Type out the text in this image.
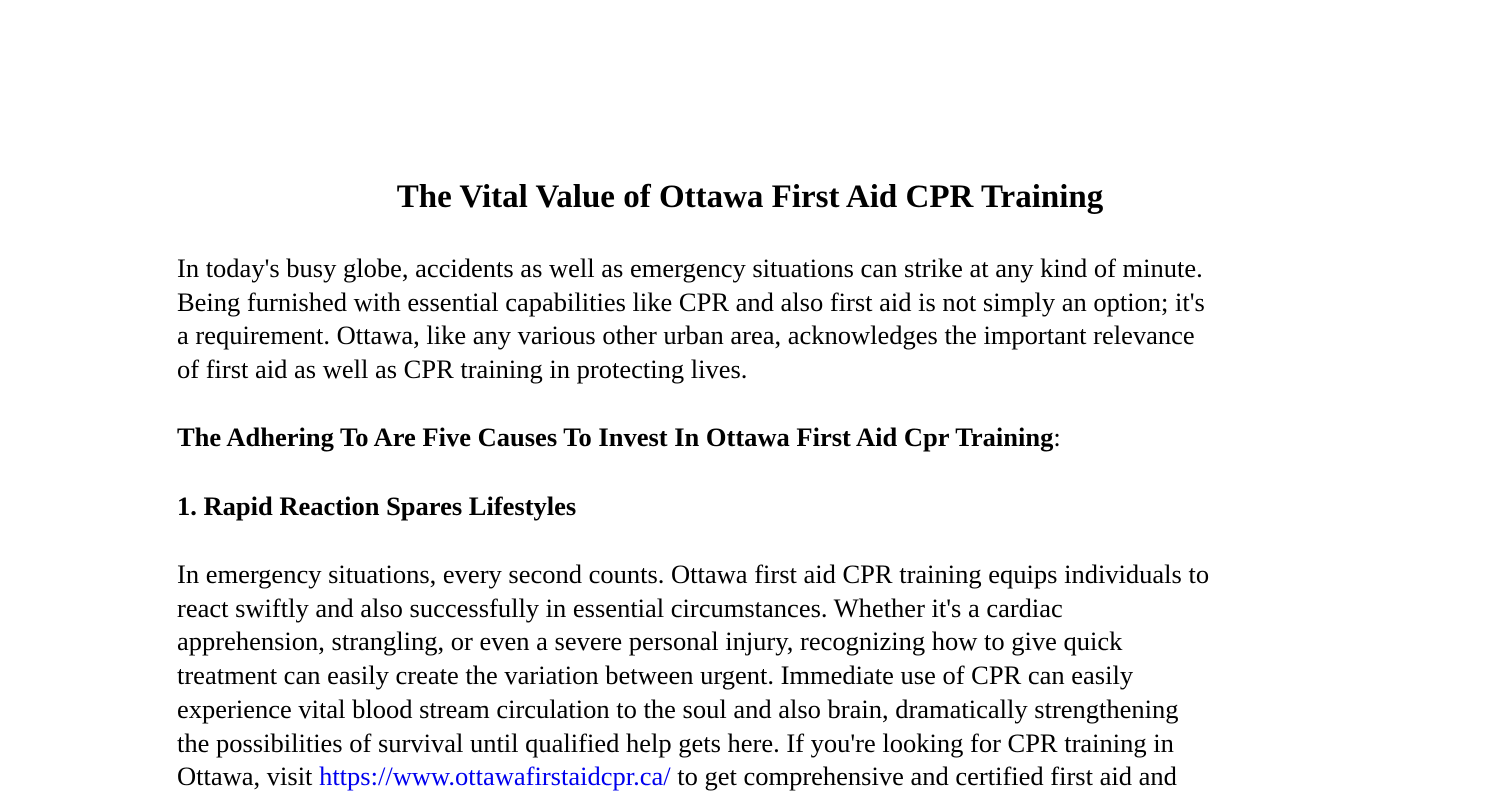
The Vital Value of Ottawa First Aid CPR Training
In today's busy globe, accidents as well as emergency situations can strike at any kind of minute.
Being furnished with essential capabilities like CPR and also first aid is not simply an option; it's
a requirement. Ottawa, like any various other urban area, acknowledges the important relevance
of first aid as well as CPR training in protecting lives.
The Adhering To Are Five Causes To Invest In Ottawa First Aid Cpr Training:
1. Rapid Reaction Spares Lifestyles
In emergency situations, every second counts. Ottawa first aid CPR training equips individuals to
react swiftly and also successfully in essential circumstances. Whether it's a cardiac
apprehension, strangling, or even a severe personal injury, recognizing how to give quick
treatment can easily create the variation between urgent. Immediate use of CPR can easily
experience vital blood stream circulation to the soul and also brain, dramatically strengthening
the possibilities of survival until qualified help gets here. If you're looking for CPR training in
Ottawa, visit https://www.ottawafirstaidcpr.ca/ to get comprehensive and certified first aid and
